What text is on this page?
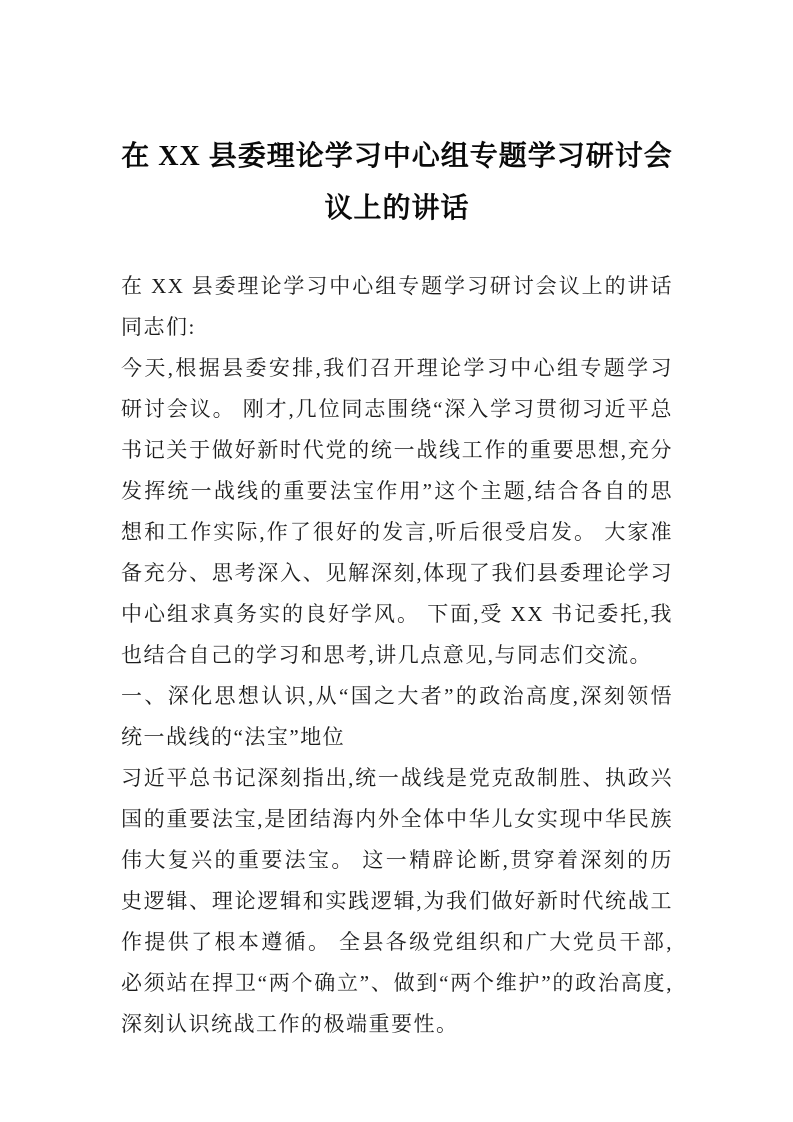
在 XX 县委理论学习中心组专题学习研讨会
议上的讲话

在 XX 县委理论学习中心组专题学习研讨会议上的讲话同志们:

今天,根据县委安排,我们召开理论学习中心组专题学习研讨会议。 刚才,几位同志围绕“深入学习贯彻习近平总书记关于做好新时代党的统一战线工作的重要思想,充分发挥统一战线的重要法宝作用”这个主题,结合各自的思想和工作实际,作了很好的发言,听后很受启发。 大家准备充分、思考深入、见解深刻,体现了我们县委理论学习中心组求真务实的良好学风。 下面,受 XX 书记委托,我也结合自己的学习和思考,讲几点意见,与同志们交流。

一、深化思想认识,从“国之大者”的政治高度,深刻领悟统一战线的“法宝”地位

习近平总书记深刻指出,统一战线是党克敌制胜、执政兴国的重要法宝,是团结海内外全体中华儿女实现中华民族伟大复兴的重要法宝。 这一精辟论断,贯穿着深刻的历史逻辑、理论逻辑和实践逻辑,为我们做好新时代统战工作提供了根本遵循。 全县各级党组织和广大党员干部,必须站在捍卫“两个确立”、做到“两个维护”的政治高度,深刻认识统战工作的极端重要性。
